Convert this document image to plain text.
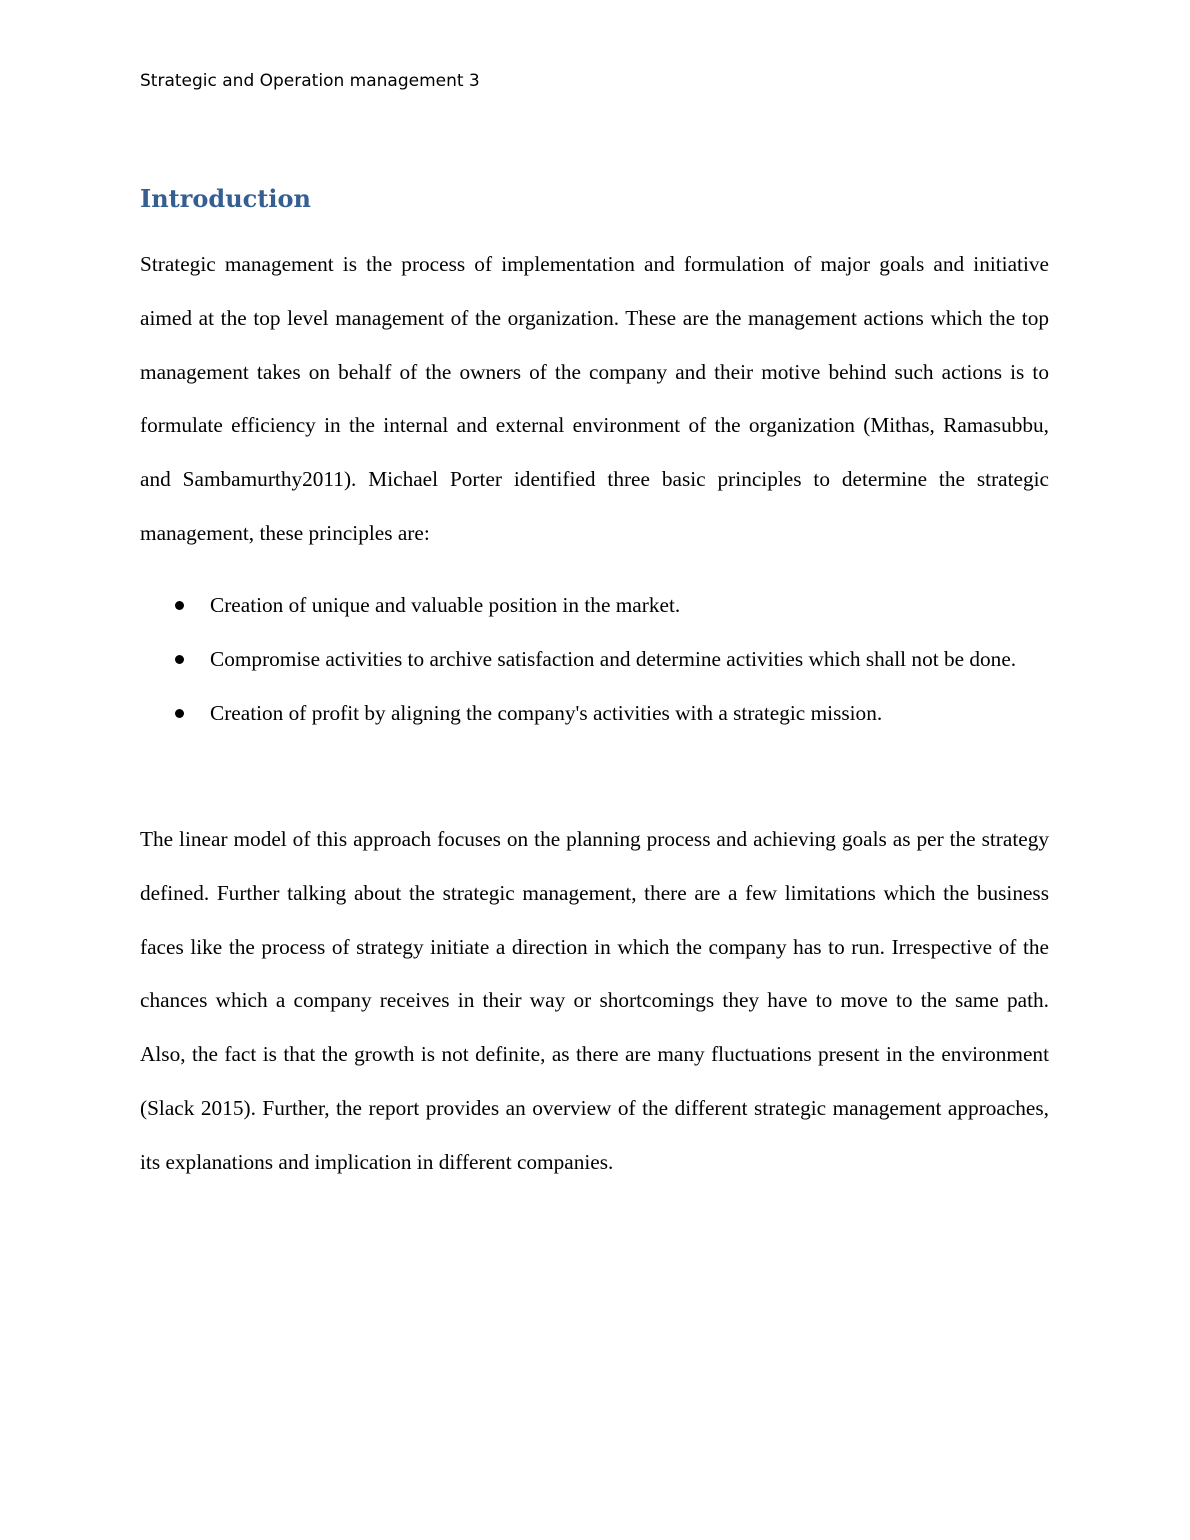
Strategic and Operation management 3
Introduction

Strategic management is the process of implementation and formulation of major goals and initiative aimed at the top level management of the organization. These are the management actions which the top management takes on behalf of the owners of the company and their motive behind such actions is to formulate efficiency in the internal and external environment of the organization (Mithas, Ramasubbu, and Sambamurthy2011). Michael Porter identified three basic principles to determine the strategic management, these principles are:

Creation of unique and valuable position in the market.
Compromise activities to archive satisfaction and determine activities which shall not be done.
Creation of profit by aligning the company's activities with a strategic mission.

The linear model of this approach focuses on the planning process and achieving goals as per the strategy defined. Further talking about the strategic management, there are a few limitations which the business faces like the process of strategy initiate a direction in which the company has to run. Irrespective of the chances which a company receives in their way or shortcomings they have to move to the same path. Also, the fact is that the growth is not definite, as there are many fluctuations present in the environment (Slack 2015). Further, the report provides an overview of the different strategic management approaches, its explanations and implication in different companies.
